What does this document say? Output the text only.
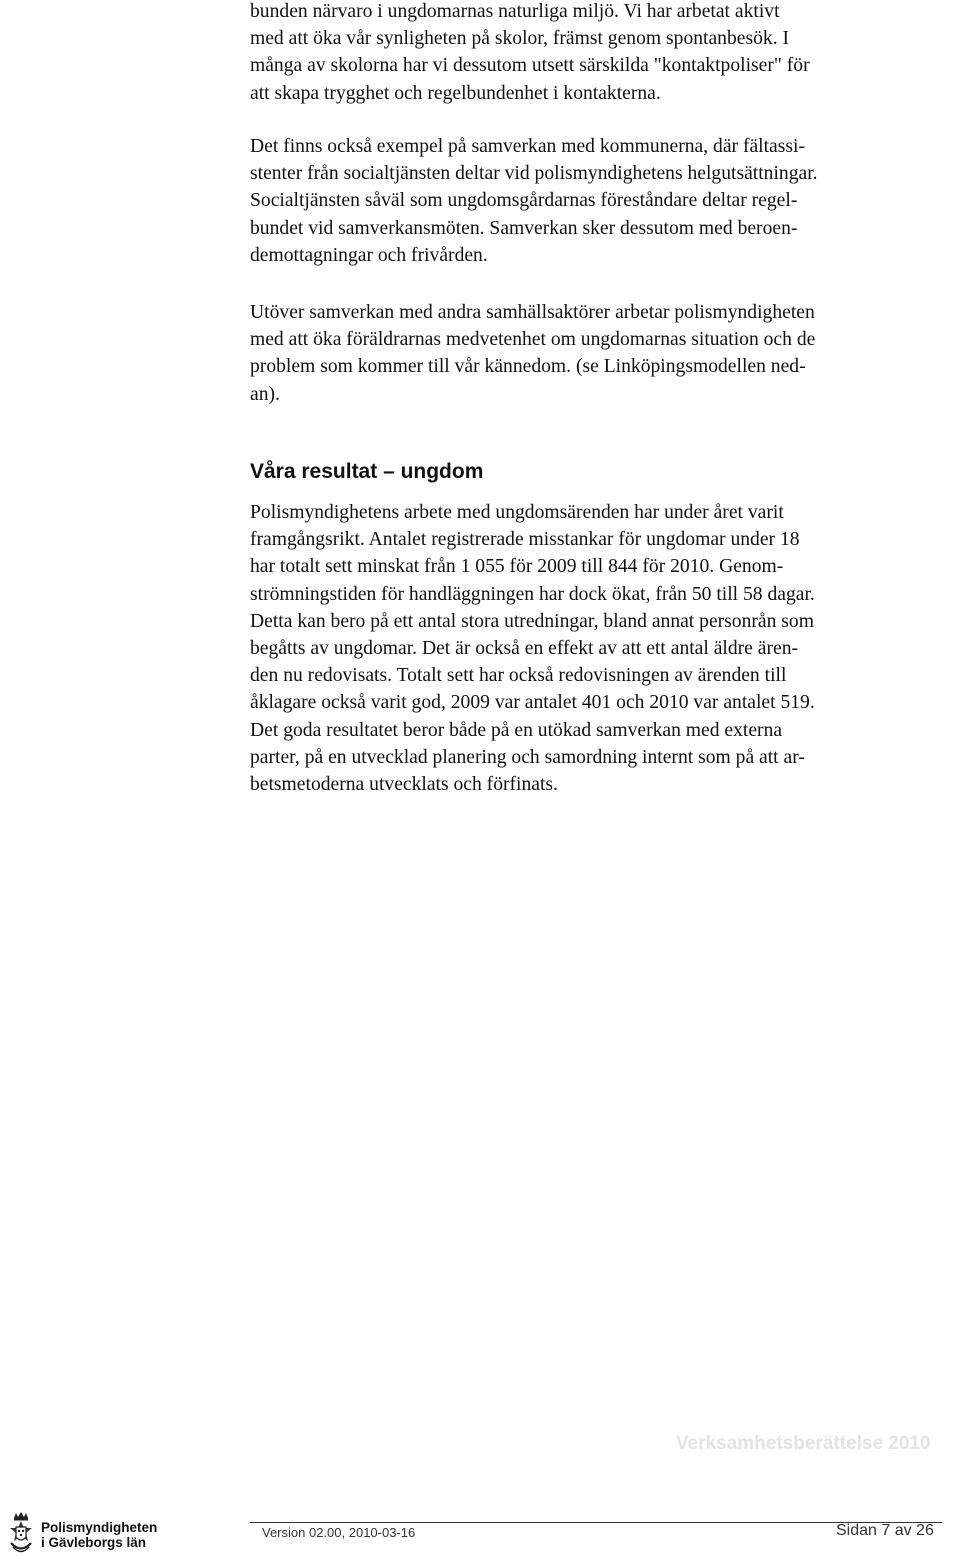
bunden närvaro i ungdomarnas naturliga miljö. Vi har arbetat aktivt
med att öka vår synligheten på skolor, främst genom spontanbesök. I
många av skolorna har vi dessutom utsett särskilda "kontaktpoliser" för
att skapa trygghet och regelbundenhet i kontakterna.

Det finns också exempel på samverkan med kommunerna, där fältassi-
stenter från socialtjänsten deltar vid polismyndighetens helgutsättningar.
Socialtjänsten såväl som ungdomsgårdarnas föreståndare deltar regel-
bundet vid samverkansmöten. Samverkan sker dessutom med beroen-
demottagningar och frivården.

Utöver samverkan med andra samhällsaktörer arbetar polismyndigheten
med att öka föräldrarnas medvetenhet om ungdomarnas situation och de
problem som kommer till vår kännedom. (se Linköpingsmodellen ned-
an).

Våra resultat – ungdom

Polismyndighetens arbete med ungdomsärenden har under året varit
framgångsrikt. Antalet registrerade misstankar för ungdomar under 18
har totalt sett minskat från 1 055 för 2009 till 844 för 2010. Genom-
strömningstiden för handläggningen har dock ökat, från 50 till 58 dagar.
Detta kan bero på ett antal stora utredningar, bland annat personrån som
begåtts av ungdomar. Det är också en effekt av att ett antal äldre ären-
den nu redovisats. Totalt sett har också redovisningen av ärenden till
åklagare också varit god, 2009 var antalet 401 och 2010 var antalet 519.
Det goda resultatet beror både på en utökad samverkan med externa
parter, på en utvecklad planering och samordning internt som på att ar-
betsmetoderna utvecklats och förfinats.

Verksamhetsberättelse 2010
Polismyndigheten
i Gävleborgs län
Version 02.00, 2010-03-16	Sidan 7 av 26
